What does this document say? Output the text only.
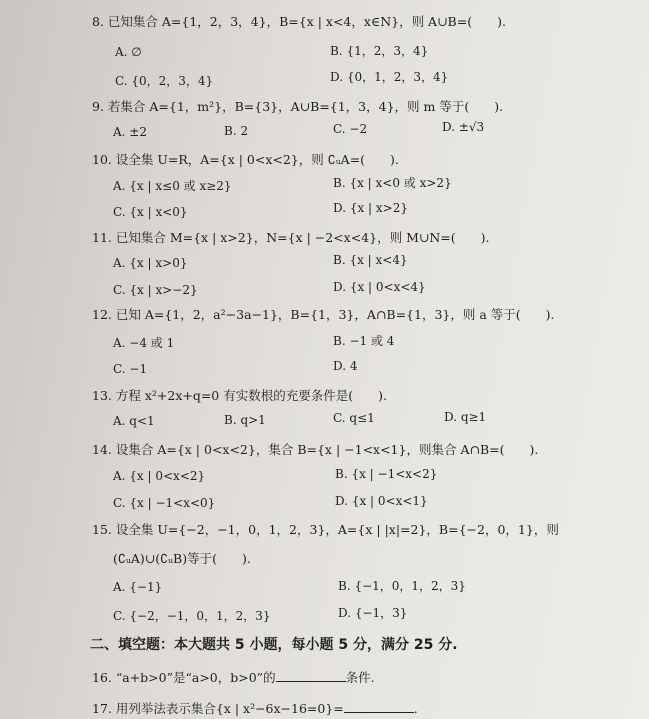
8. 已知集合 A={1，2，3，4}，B={x | x<4，x∈N}，则 A∪B=(　　).
A. ∅	B. {1，2，3，4}
C. {0，2，3，4}	D. {0，1，2，3，4}
9. 若集合 A={1，m²}，B={3}，A∪B={1，3，4}，则 m 等于(　　).
A. ±2	B. 2	C. −2	D. ±√3
10. 设全集 U=R，A={x | 0<x<2}，则 ∁ᵤA=(　　).
A. {x | x≤0 或 x≥2}	B. {x | x<0 或 x>2}
C. {x | x<0}	D. {x | x>2}
11. 已知集合 M={x | x>2}，N={x | −2<x<4}，则 M∪N=(　　).
A. {x | x>0}	B. {x | x<4}
C. {x | x>−2}	D. {x | 0<x<4}
12. 已知 A={1，2，a²−3a−1}，B={1，3}，A∩B={1，3}，则 a 等于(　　).
A. −4 或 1	B. −1 或 4
C. −1	D. 4
13. 方程 x²+2x+q=0 有实数根的充要条件是(　　).
A. q<1	B. q>1	C. q≤1	D. q≥1
14. 设集合 A={x | 0<x<2}，集合 B={x | −1<x<1}，则集合 A∩B=(　　).
A. {x | 0<x<2}	B. {x | −1<x<2}
C. {x | −1<x<0}	D. {x | 0<x<1}
15. 设全集 U={−2，−1，0，1，2，3}，A={x | |x|=2}，B={−2，0，1}，则
(∁ᵤA)∪(∁ᵤB)等于(　　).
A. {−1}	B. {−1，0，1，2，3}
C. {−2，−1，0，1，2，3}	D. {−1，3}
二、填空题：本大题共 5 小题，每小题 5 分，满分 25 分.
16. “a+b>0”是“a>0，b>0”的	条件.
17. 用列举法表示集合{x | x²−6x−16=0}=	.
